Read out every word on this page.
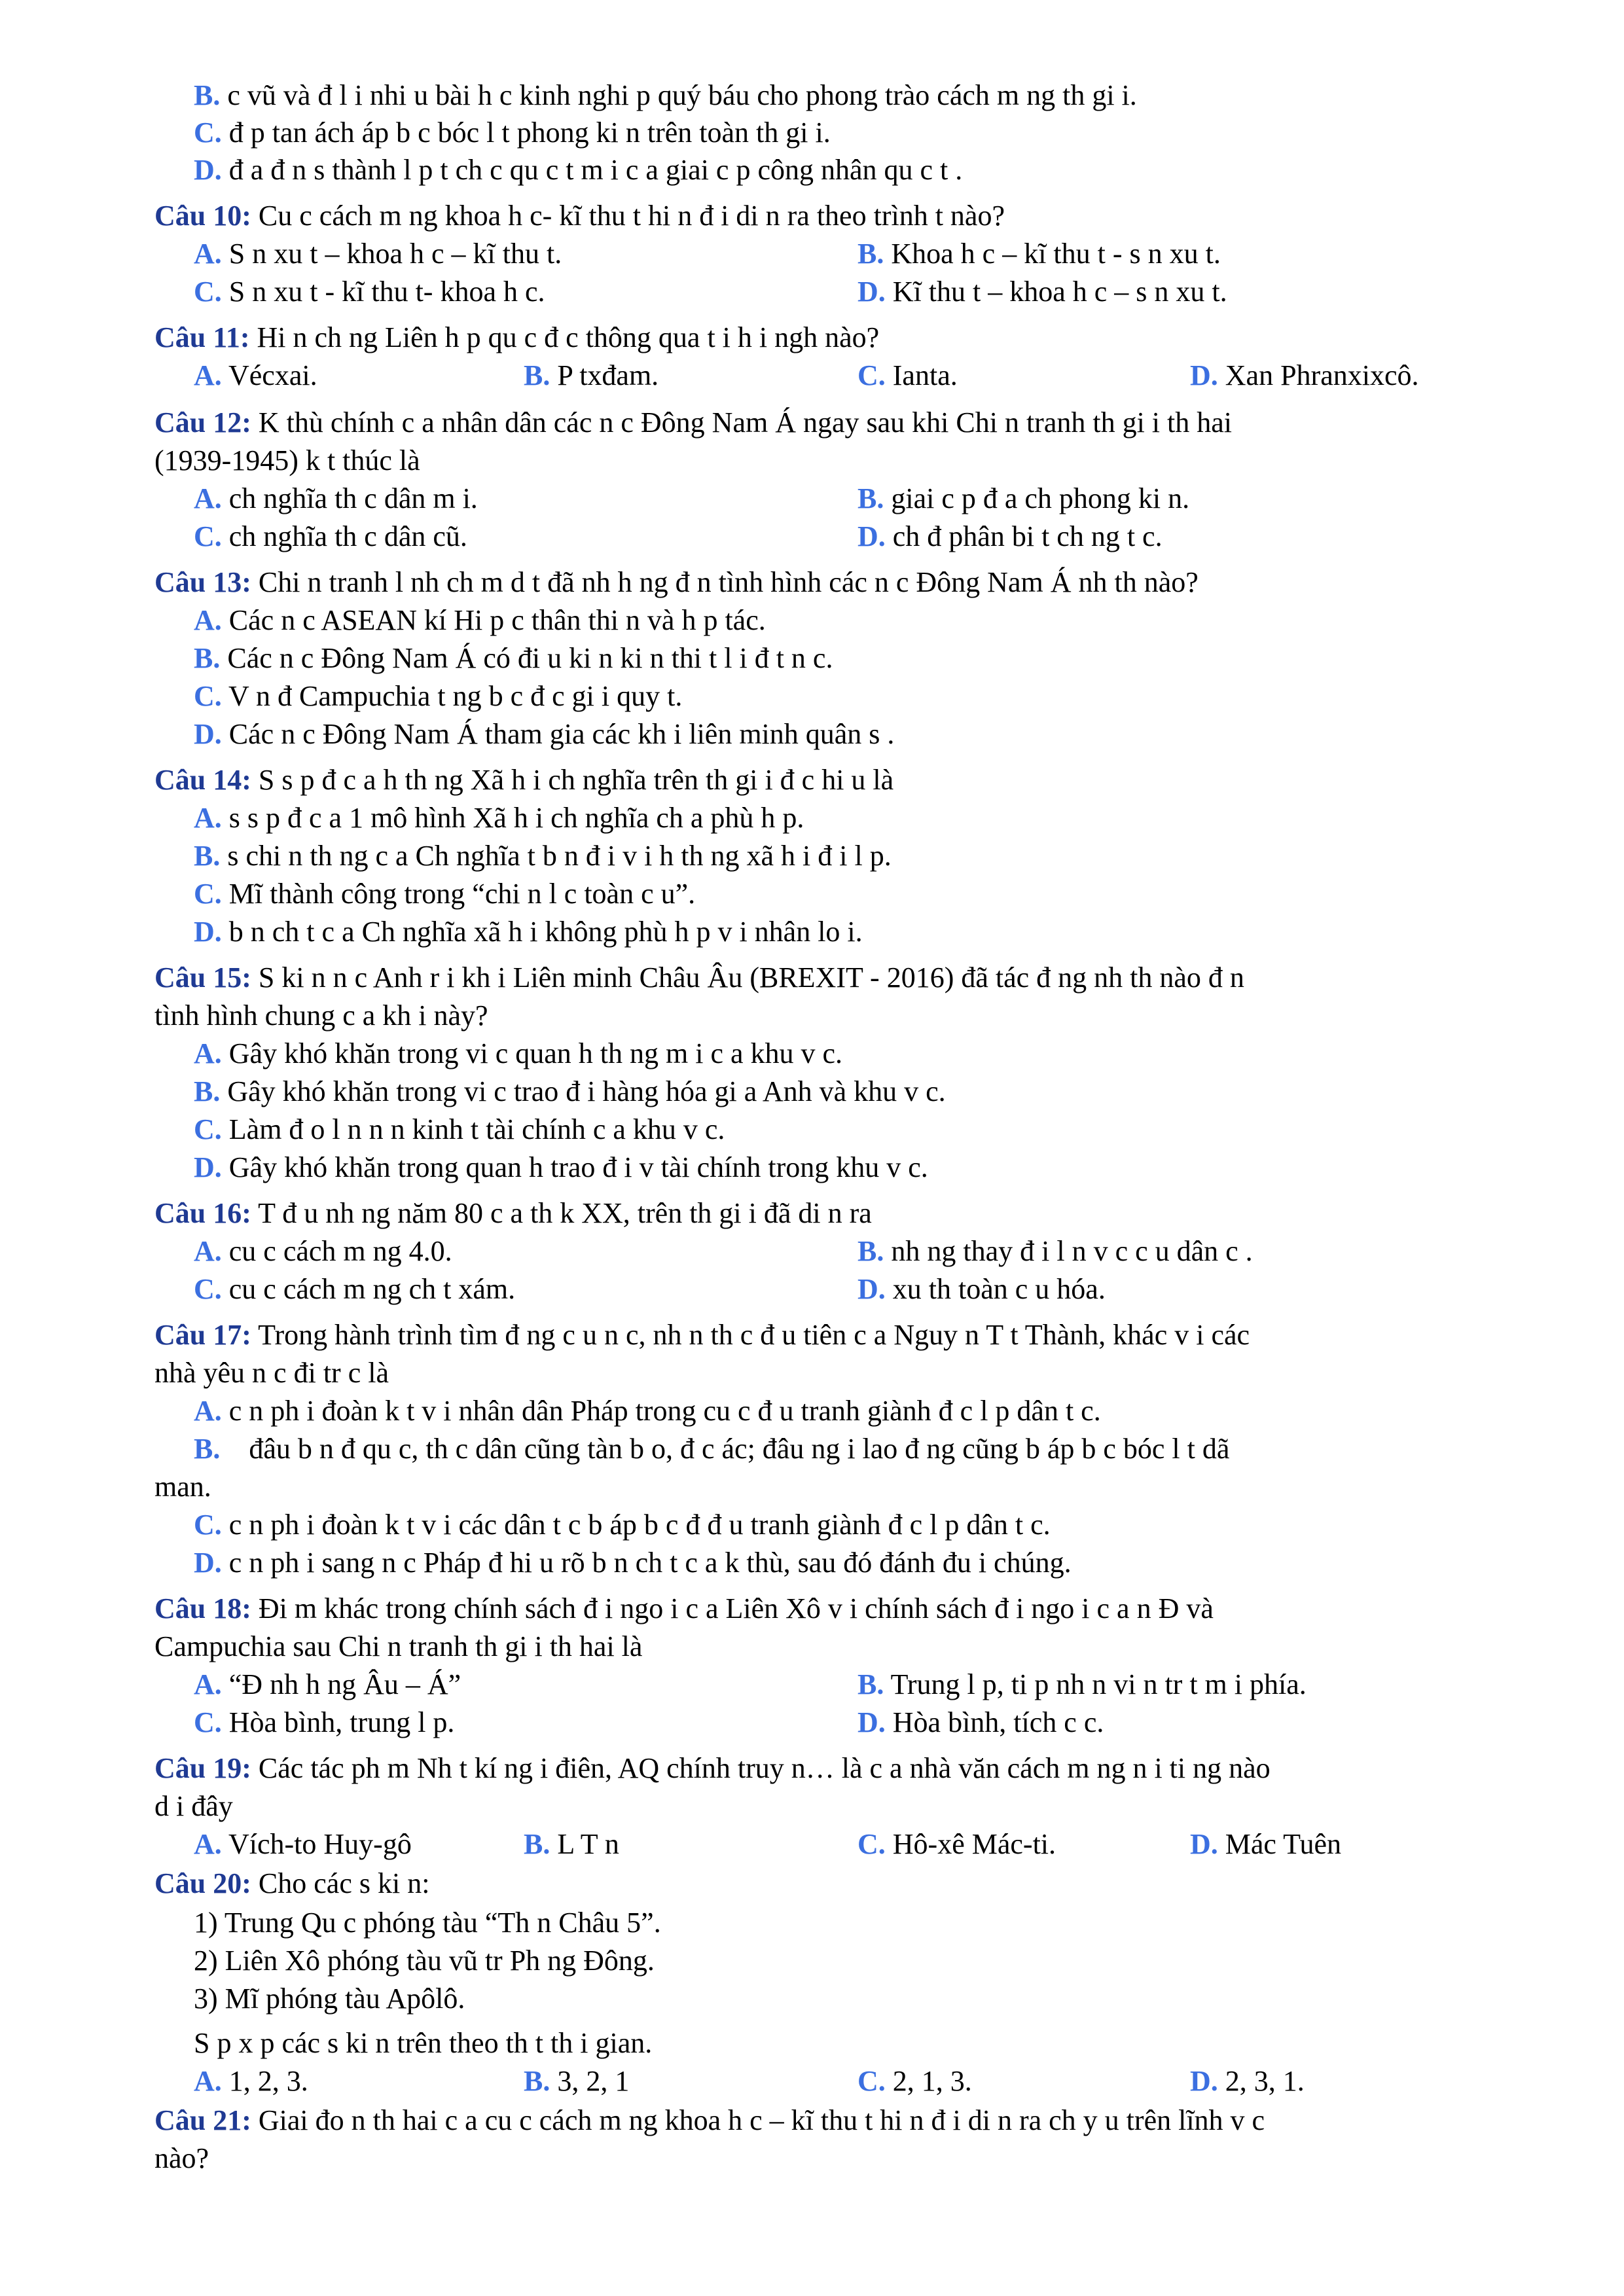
B. c vũ và đ l i nhi u bài h c kinh nghi p quý báu cho phong trào cách m ng th gi i.
C. đ p tan ách áp b c bóc l t phong ki n trên toàn th gi i.
D. đ a đ n s thành l p t ch c qu c t m i c a giai c p công nhân qu c t .
Câu 10: Cu c cách m ng khoa h c- kĩ thu t hi n đ i di n ra theo trình t nào?
A. S n xu t – khoa h c – kĩ thu t.	B. Khoa h c – kĩ thu t - s n xu t.
C. S n xu t - kĩ thu t- khoa h c.	D. Kĩ thu t – khoa h c – s n xu t.
Câu 11: Hi n ch ng Liên h p qu c đ c thông qua t i h i ngh nào?
A. Vécxai.	B. P txđam.	C. Ianta.	D. Xan Phranxixcô.
Câu 12: K thù chính c a nhân dân các n c Đông Nam Á ngay sau khi Chi n tranh th gi i th hai
(1939-1945) k t thúc là
A. ch nghĩa th c dân m i.	B. giai c p đ a ch phong ki n.
C. ch nghĩa th c dân cũ.	D. ch đ phân bi t ch ng t c.
Câu 13: Chi n tranh l nh ch m d t đã nh h ng đ n tình hình các n c Đông Nam Á nh th nào?
A. Các n c ASEAN kí Hi p c thân thi n và h p tác.
B. Các n c Đông Nam Á có đi u ki n ki n thi t l i đ t n c.
C. V n đ Campuchia t ng b c đ c gi i quy t.
D. Các n c Đông Nam Á tham gia các kh i liên minh quân s .
Câu 14: S s p đ c a h th ng Xã h i ch nghĩa trên th gi i đ c hi u là
A. s s p đ c a 1 mô hình Xã h i ch nghĩa ch a phù h p.
B. s chi n th ng c a Ch nghĩa t b n đ i v i h th ng xã h i đ i l p.
C. Mĩ thành công trong “chi n l c toàn c u”.
D. b n ch t c a Ch nghĩa xã h i không phù h p v i nhân lo i.
Câu 15: S ki n n c Anh r i kh i Liên minh Châu Âu (BREXIT - 2016) đã tác đ ng nh th nào đ n
tình hình chung c a kh i này?
A. Gây khó khăn trong vi c quan h th ng m i c a khu v c.
B. Gây khó khăn trong vi c trao đ i hàng hóa gi a Anh và khu v c.
C. Làm đ o l n n n kinh t tài chính c a khu v c.
D. Gây khó khăn trong quan h trao đ i v tài chính trong khu v c.
Câu 16: T đ u nh ng năm 80 c a th k XX, trên th gi i đã di n ra
A. cu c cách m ng 4.0.	B. nh ng thay đ i l n v c c u dân c .
C. cu c cách m ng ch t xám.	D. xu th toàn c u hóa.
Câu 17: Trong hành trình tìm đ ng c u n c, nh n th c đ u tiên c a Nguy n T t Thành, khác v i các
nhà yêu n c đi tr c là
A. c n ph i đoàn k t v i nhân dân Pháp trong cu c đ u tranh giành đ c l p dân t c.
B. đâu b n đ qu c, th c dân cũng tàn b o, đ c ác; đâu ng i lao đ ng cũng b áp b c bóc l t dã
man.
C. c n ph i đoàn k t v i các dân t c b áp b c đ đ u tranh giành đ c l p dân t c.
D. c n ph i sang n c Pháp đ hi u rõ b n ch t c a k thù, sau đó đánh đu i chúng.
Câu 18: Đi m khác trong chính sách đ i ngo i c a Liên Xô v i chính sách đ i ngo i c a n Đ và
Campuchia sau Chi n tranh th gi i th hai là
A. “Đ nh h ng Âu – Á”	B. Trung l p, ti p nh n vi n tr t m i phía.
C. Hòa bình, trung l p.	D. Hòa bình, tích c c.
Câu 19: Các tác ph m Nh t kí ng i điên, AQ chính truy n… là c a nhà văn cách m ng n i ti ng nào
d i đây
A. Vích-to Huy-gô	B. L T n	C. Hô-xê Mác-ti.	D. Mác Tuên
Câu 20: Cho các s ki n:
1) Trung Qu c phóng tàu “Th n Châu 5”.
2) Liên Xô phóng tàu vũ tr Ph ng Đông.
3) Mĩ phóng tàu Apôlô.
S p x p các s ki n trên theo th t th i gian.
A. 1, 2, 3.	B. 3, 2, 1	C. 2, 1, 3.	D. 2, 3, 1.
Câu 21: Giai đo n th hai c a cu c cách m ng khoa h c – kĩ thu t hi n đ i di n ra ch y u trên lĩnh v c
nào?
